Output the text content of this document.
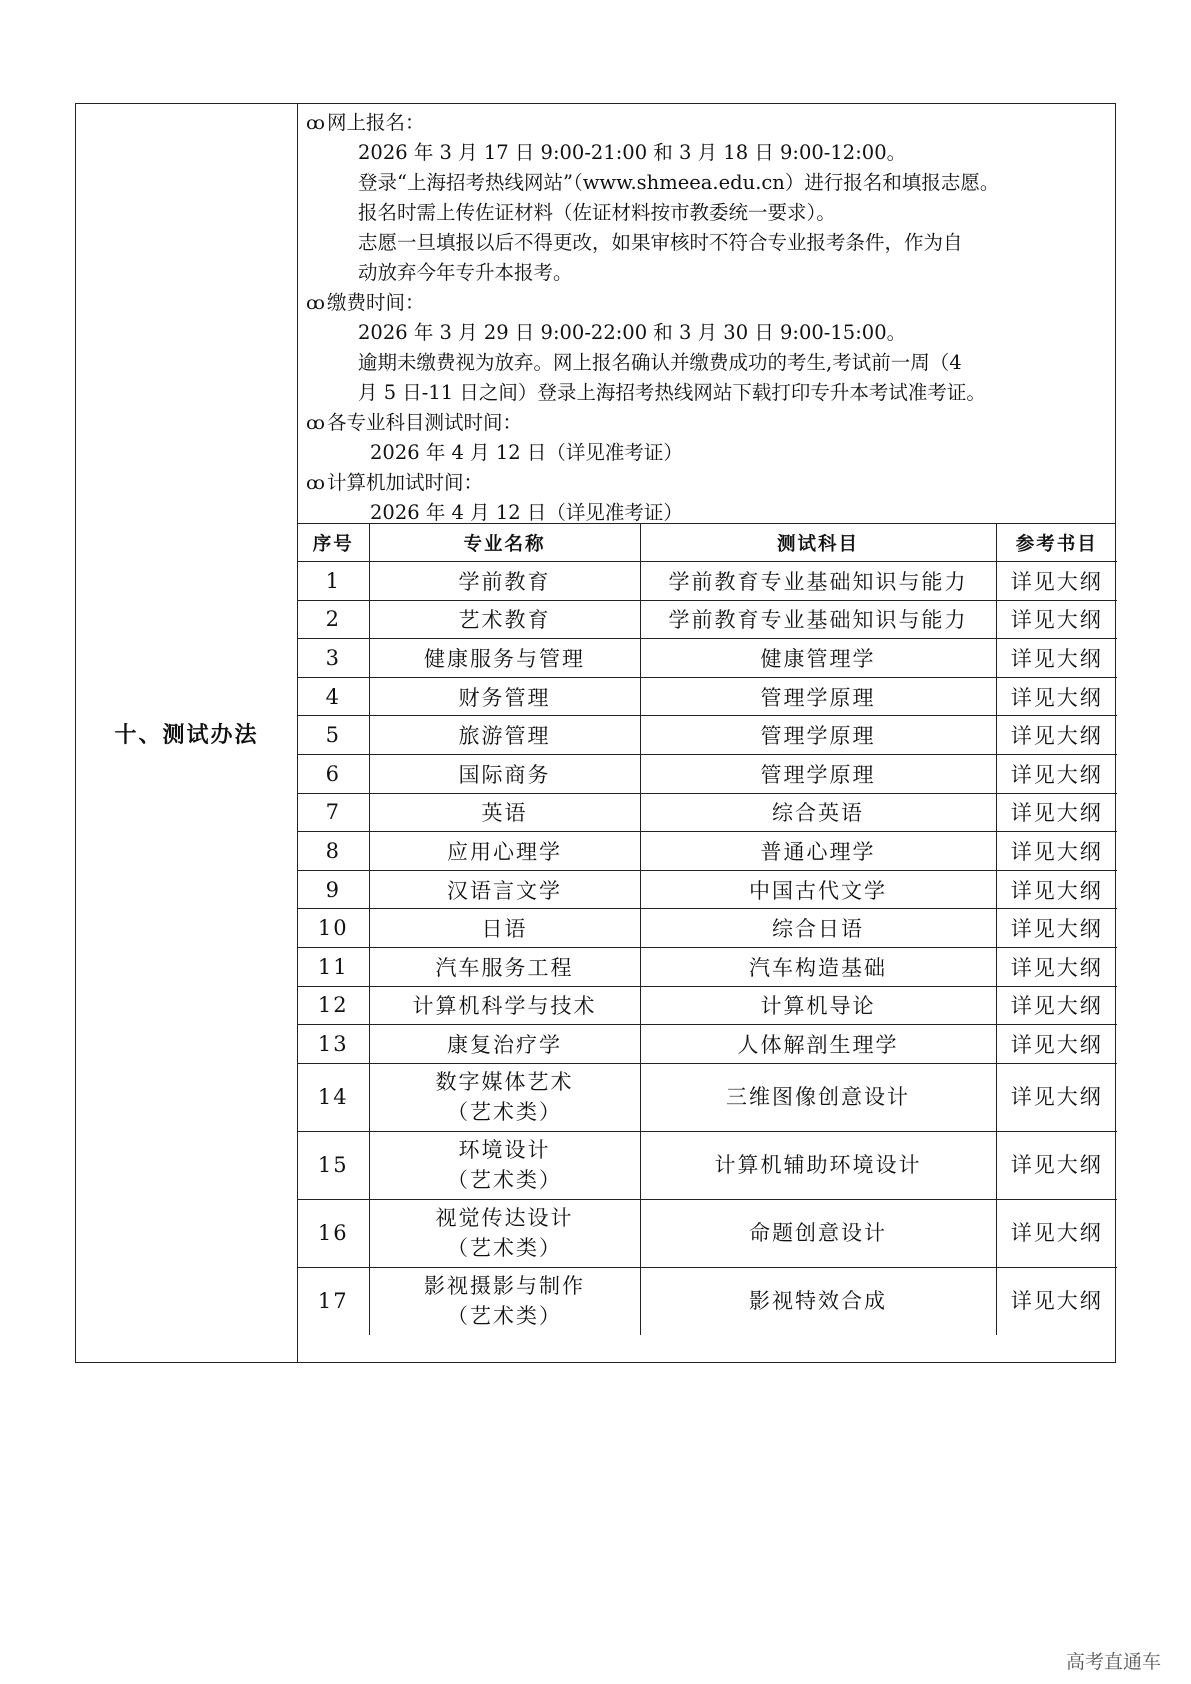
十、测试办法
ꝏ 网上报名：
2026 年 3 月 17 日 9:00-21:00 和 3 月 18 日 9:00-12:00。
登录“上海招考热线网站”（www.shmeea.edu.cn）进行报名和填报志愿。
报名时需上传佐证材料（佐证材料按市教委统一要求）。
志愿一旦填报以后不得更改，如果审核时不符合专业报考条件，作为自
动放弃今年专升本报考。
ꝏ 缴费时间：
2026 年 3 月 29 日 9:00-22:00 和 3 月 30 日 9:00-15:00。
逾期未缴费视为放弃。网上报名确认并缴费成功的考生,考试前一周（4
月 5 日-11 日之间）登录上海招考热线网站下载打印专升本考试准考证。
ꝏ 各专业科目测试时间：
2026 年 4 月 12 日（详见准考证）
ꝏ 计算机加试时间：
2026 年 4 月 12 日（详见准考证）
序号	专业名称	测试科目	参考书目
1	学前教育	学前教育专业基础知识与能力	详见大纲
2	艺术教育	学前教育专业基础知识与能力	详见大纲
3	健康服务与管理	健康管理学	详见大纲
4	财务管理	管理学原理	详见大纲
5	旅游管理	管理学原理	详见大纲
6	国际商务	管理学原理	详见大纲
7	英语	综合英语	详见大纲
8	应用心理学	普通心理学	详见大纲
9	汉语言文学	中国古代文学	详见大纲
10	日语	综合日语	详见大纲
11	汽车服务工程	汽车构造基础	详见大纲
12	计算机科学与技术	计算机导论	详见大纲
13	康复治疗学	人体解剖生理学	详见大纲
14	数字媒体艺术
（艺术类）	三维图像创意设计	详见大纲
15	环境设计
（艺术类）	计算机辅助环境设计	详见大纲
16	视觉传达设计
（艺术类）	命题创意设计	详见大纲
17	影视摄影与制作
（艺术类）	影视特效合成	详见大纲
高考直通车
